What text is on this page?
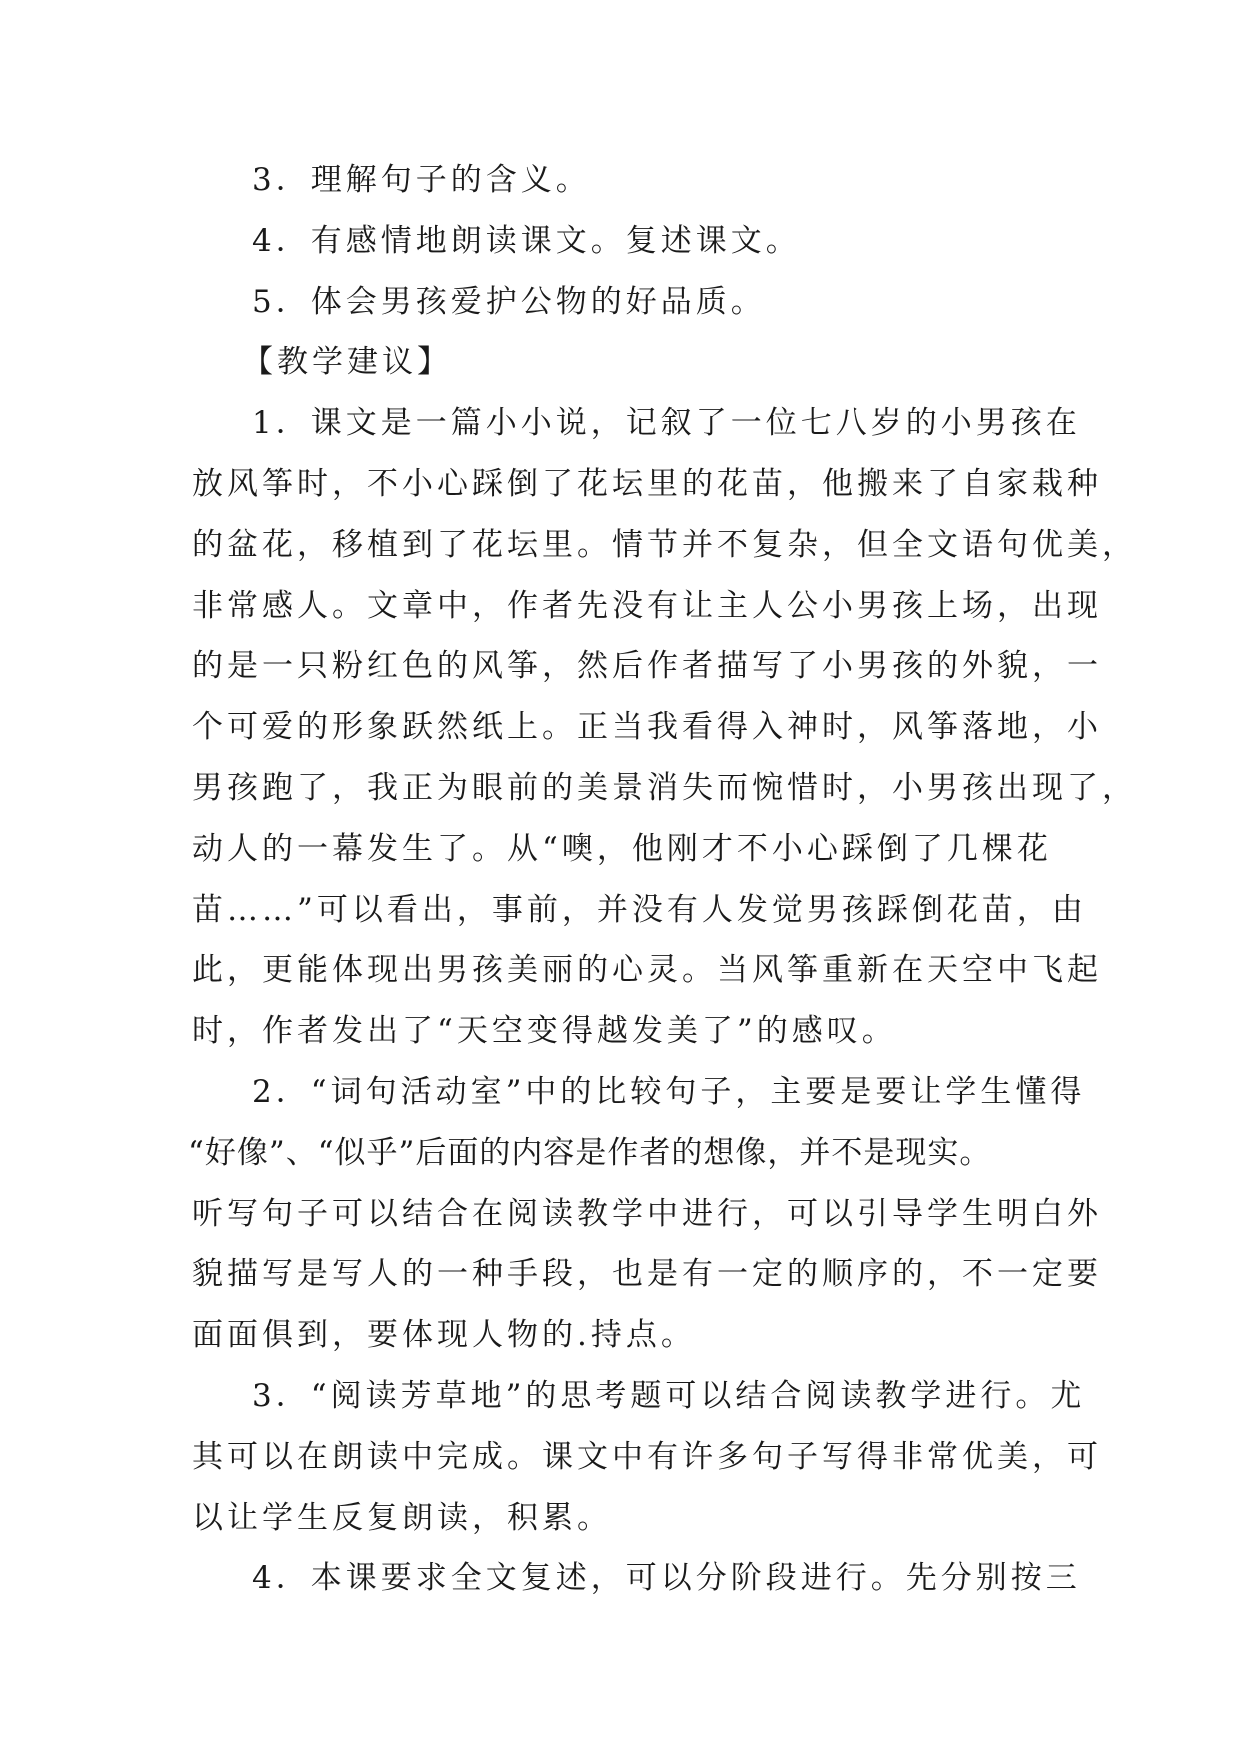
3．理解句子的含义。
4．有感情地朗读课文。复述课文。
5．体会男孩爱护公物的好品质。
【教学建议】
1．课文是一篇小小说，记叙了一位七八岁的小男孩在
放风筝时，不小心踩倒了花坛里的花苗，他搬来了自家栽种
的盆花，移植到了花坛里。情节并不复杂，但全文语句优美，
非常感人。文章中，作者先没有让主人公小男孩上场，出现
的是一只粉红色的风筝，然后作者描写了小男孩的外貌，一
个可爱的形象跃然纸上。正当我看得入神时，风筝落地，小
男孩跑了，我正为眼前的美景消失而惋惜时，小男孩出现了，
动人的一幕发生了。从“噢，他刚才不小心踩倒了几棵花
苗……”可以看出，事前，并没有人发觉男孩踩倒花苗，由
此，更能体现出男孩美丽的心灵。当风筝重新在天空中飞起
时，作者发出了“天空变得越发美了”的感叹。
2．“词句活动室”中的比较句子，主要是要让学生懂得
“好像”、“似乎”后面的内容是作者的想像，并不是现实。
听写句子可以结合在阅读教学中进行，可以引导学生明白外
貌描写是写人的一种手段，也是有一定的顺序的，不一定要
面面俱到，要体现人物的.持点。
3．“阅读芳草地”的思考题可以结合阅读教学进行。尤
其可以在朗读中完成。课文中有许多句子写得非常优美，可
以让学生反复朗读，积累。
4．本课要求全文复述，可以分阶段进行。先分别按三
